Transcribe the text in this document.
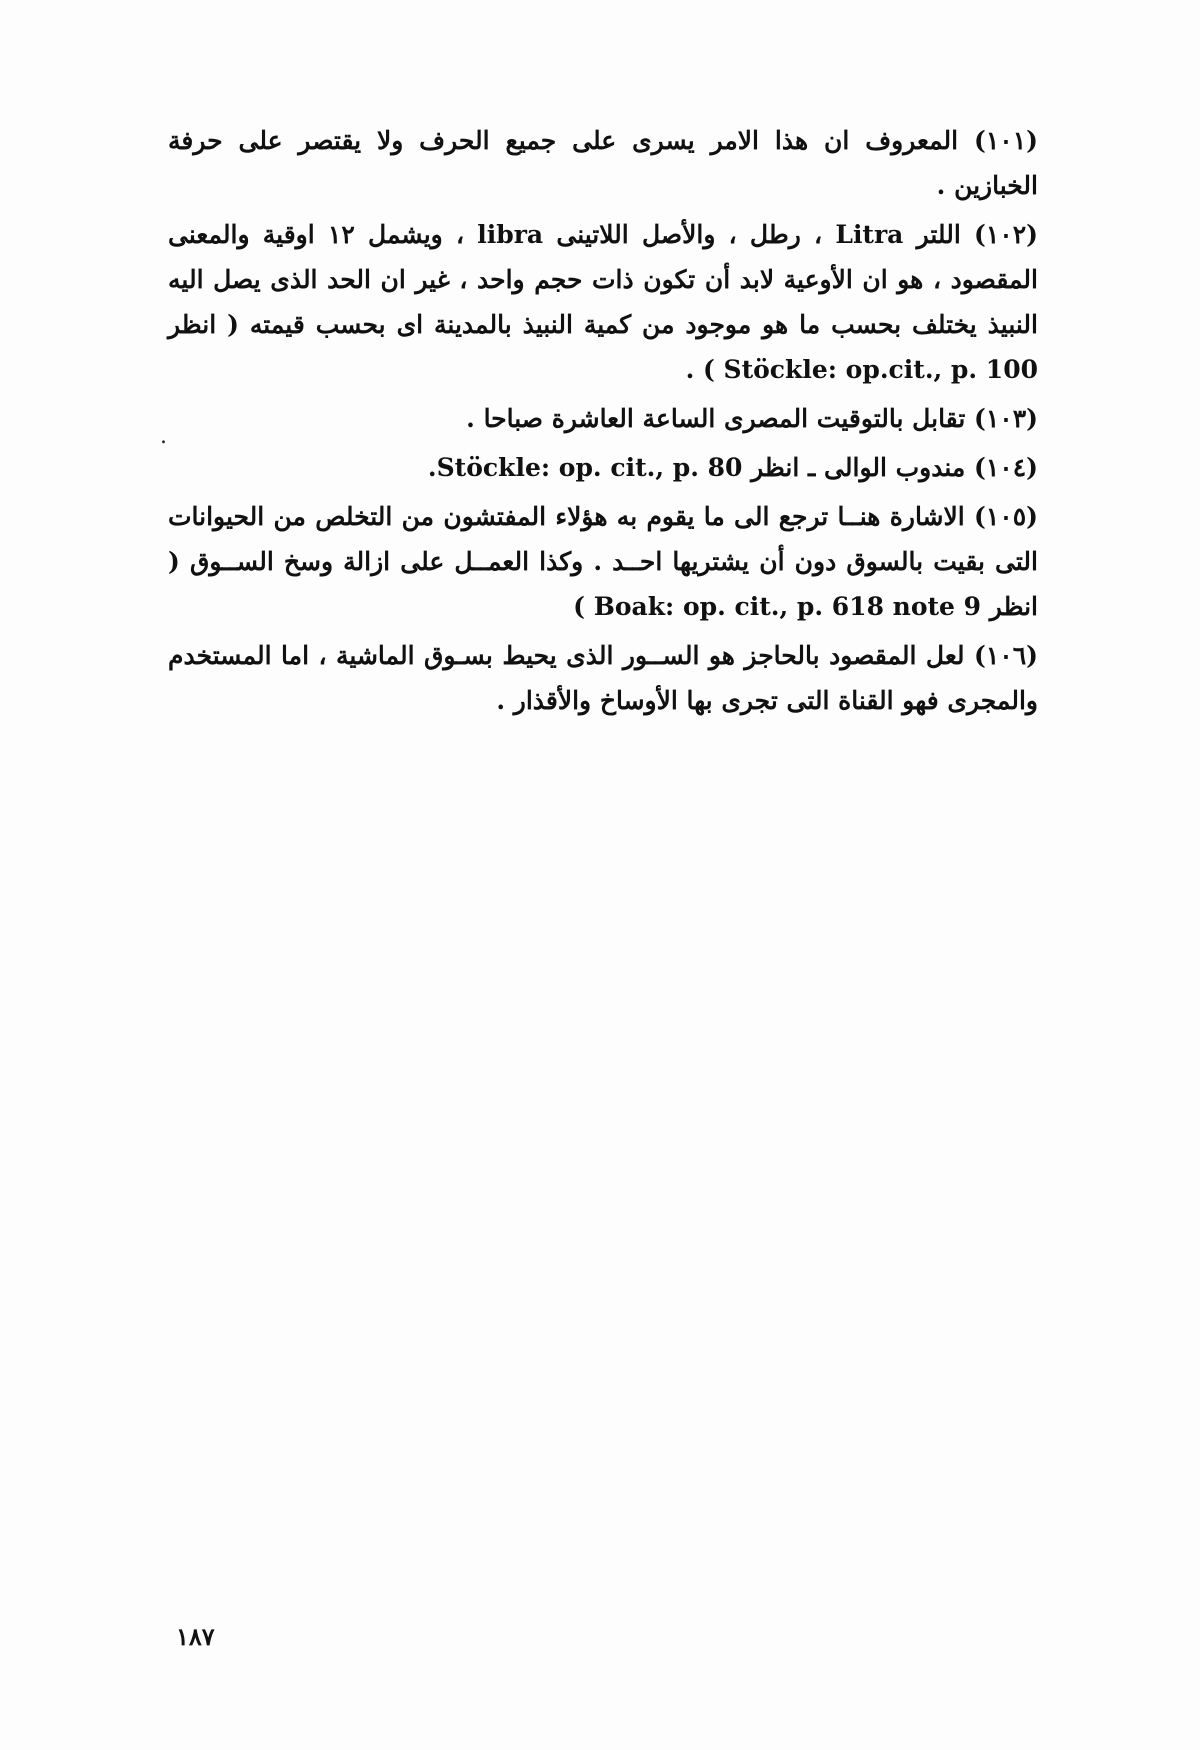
(١٠١) المعروف ان هذا الامر يسرى على جميع الحرف ولا يقتصر على حرفة الخبازين .

(١٠٢) اللتر Litra ، رطل ، والأصل اللاتينى libra ، ويشمل ١٢ اوقية والمعنى المقصود ، هو ان الأوعية لابد أن تكون ذات حجم واحد ، غير ان الحد الذى يصل اليه النبيذ يختلف بحسب ما هو موجود من كمية النبيذ بالمدينة اى بحسب قيمته ( انظر Stöckle: op.cit., p. 100 ) .

(١٠٣) تقابل بالتوقيت المصرى الساعة العاشرة صباحا .

(١٠٤) مندوب الوالى ـ انظر Stöckle: op. cit., p. 80.

(١٠٥) الاشارة هنــا ترجع الى ما يقوم به هؤلاء المفتشون من التخلص من الحيوانات التى بقيت بالسوق دون أن يشتريها احــد . وكذا العمــل على ازالة وسخ الســوق ( انظر Boak: op. cit., p. 618 note 9 )

(١٠٦) لعل المقصود بالحاجز هو الســور الذى يحيط بسـوق الماشية ، اما المستخدم والمجرى فهو القناة التى تجرى بها الأوساخ والأقذار .

.
١٨٧
